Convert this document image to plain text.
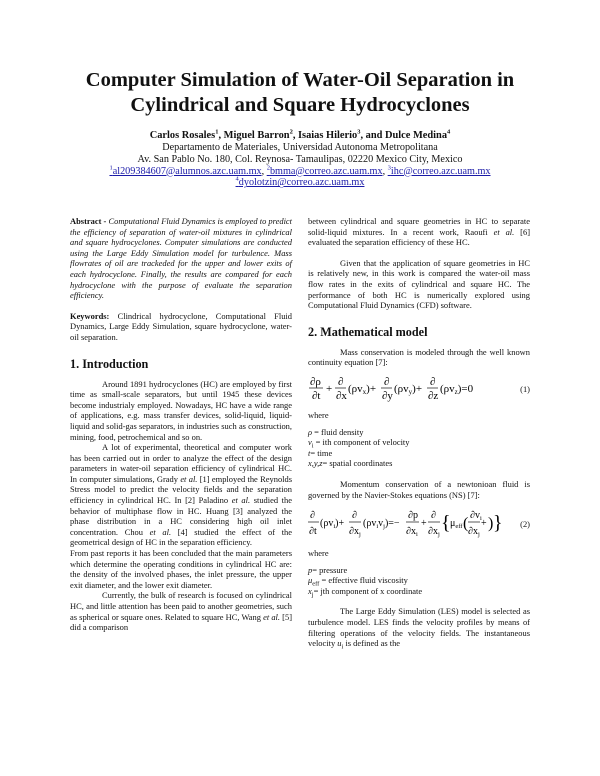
Computer Simulation of Water-Oil Separation in
Cylindrical and Square Hydrocyclones
Carlos Rosales$^1$, Miguel Barron$^2$, Isaias Hilerio$^3$, and Dulce Medina$^4$
Departamento de Materiales, Universidad Autonoma Metropolitana
Av. San Pablo No. 180, Col. Reynosa- Tamaulipas, 02220 Mexico City, Mexico
$^1$al209384607@alumnos.azc.uam.mx, $^2$bmma@correo.azc.uam.mx, $^3$ihc@correo.azc.uam.mx
$^4$dyolotzin@correo.azc.uam.mx

Abstract - Computational Fluid Dynamics is employed to predict the efficiency of separation of water-oil mixtures in cylindrical and square hydrocyclones. Computer simulations are conducted using the Large Eddy Simulation model for turbulence. Mass flowrates of oil are trackeded for the upper and lower exits of each hydrocyclone. Finally, the results are compared for each hydrocyclone with the purpose of evaluate the separation efficiency.

Keywords: Clindrical hydrocyclone, Computational Fluid Dynamics, Large Eddy Simulation, square hydrocyclone, water-oil separation.

1. Introduction

Around 1891 hydrocyclones (HC) are employed by first time as small-scale separators, but until 1945 these devices become industrialy employed. Nowadays, HC have a wide range of applications, e.g. mass transfer devices, solid-liquid, liquid-liquid and solid-gas separators, in industries such as construction, mining, food, petrochemical and so on.

A lot of experimental, theoretical and computer work has been carried out in order to analyze the effect of the design parameters in water-oil separation efficiency of cylindrical HC. In computer simulations, Grady et al. [1] employed the Reynolds Stress model to predict the velocity fields and the separation efficiency in cylindrical HC. In [2] Paladino et al. studied the behavior of multiphase flow in HC. Huang [3] analyzed the phase distribution in a HC considering high oil inlet concentration. Chou et al. [4] studied the effect of the geometrical design of HC in the separation efficiency.

From past reports it has been concluded that the main parameters which determine the operating conditions in cylindrical HC are: the density of the involved phases, the inlet pressure, the upper exit diameter, and the lower exit diameter.

Currently, the bulk of research is focused on cylindrical HC, and little attention has been paid to another geometries, such as spherical or square ones. Related to square HC, Wang et al. [5] did a comparison

between cylindrical and square geometries in HC to separate solid-liquid mixtures. In a recent work, Raoufi et al. [6] evaluated the separation efficiency of these HC.

Given that the application of square geometries in HC is relatively new, in this work is compared the water-oil mass flow rates in the exits of cylindrical and square HC. The performance of both HC is numerically explored using Computational Fluid Dynamics (CFD) software.

2. Mathematical model

Mass conservation is modeled through the well known continuity equation [7]:

∂ρ
∂t
+
∂
∂x
(ρvx)+
∂
∂y
(ρvy)+
∂
∂z
(ρvz)=0	(1)

where

ρ = fluid density

$v_i$ = ith component of velocity

t= time

x,y,z= spatial coordinates

Momentum conservation of a newtonioan fluid is governed by the Navier-Stokes equations (NS) [7]:

∂
∂t
$(\rho v_i)+$
∂
$\partial x_j$
$(\rho v_iv_j)=-$
∂p
$\partial x_i$
+
∂
$\partial x_j$
{ $\mu_{eff}$ ( $\partial v_i$
$\partial x_j$
+ ) } (2)

where

p= pressure

$\mu_{eff}$ = effective fluid viscosity

$x_j=$ jth component of x coordinate

The Large Eddy Simulation (LES) model is selected as turbulence model. LES finds the velocity profiles by means of filtering operations of the velocity fields. The instantaneous velocity $u_i$ is defined as the
